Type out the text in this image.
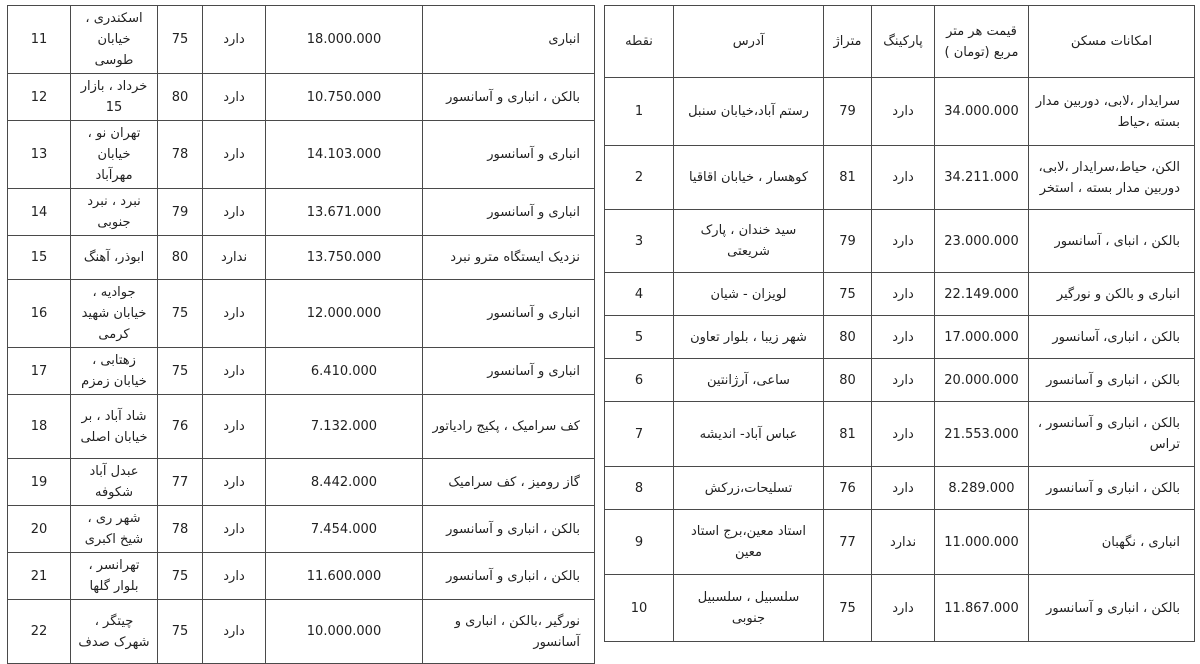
امکانات مسکن	قیمت هر متر مربع (تومان )	پارکینگ	متراژ	آدرس	نقطه
سرایدار ،لابی، دوربین مدار بسته ،حیاط	34.000.000	دارد	79	رستم آباد،خیابان سنبل	1
الکن، حیاط،سرایدار ،لابی، دوربین مدار بسته ، استخر	34.211.000	دارد	81	کوهسار ، خیابان اقاقیا	2
بالکن ، انبای ، آسانسور	23.000.000	دارد	79	سید خندان ، پارک شریعتی	3
انباری و بالکن و نورگیر	22.149.000	دارد	75	لویزان - شیان	4
بالکن ، انباری، آسانسور	17.000.000	دارد	80	شهر زیبا ، بلوار تعاون	5
بالکن ، انباری و آسانسور	20.000.000	دارد	80	ساعی، آرژانتین	6
بالکن ، انباری و آسانسور ، تراس	21.553.000	دارد	81	عباس آباد- اندیشه	7
بالکن ، انباری و آسانسور	8.289.000	دارد	76	تسلیحات،زرکش	8
انباری ، نگهبان	11.000.000	ندارد	77	استاد معین،برج استاد معین	9
بالکن ، انباری و آسانسور	11.867.000	دارد	75	سلسبیل ، سلسبیل جنوبی	10
انباری	18.000.000	دارد	75	اسکندری ، خیابان طوسی	11
بالکن ، انباری و آسانسور	10.750.000	دارد	80	خرداد ، بازار 15	12
انباری و آسانسور	14.103.000	دارد	78	تهران نو ، خیابان مهرآباد	13
انباری و آسانسور	13.671.000	دارد	79	نبرد ، نبرد جنوبی	14
نزدیک ایستگاه مترو نبرد	13.750.000	ندارد	80	ابوذر، آهنگ	15
انباری و آسانسور	12.000.000	دارد	75	جوادیه ، خیابان شهید کرمی	16
انباری و آسانسور	6.410.000	دارد	75	زهتابی ، خیابان زمزم	17
کف سرامیک ، پکیج رادیاتور	7.132.000	دارد	76	شاد آباد ، بر خیابان اصلی	18
گاز رومیز ، کف سرامیک	8.442.000	دارد	77	عبدل آباد شکوفه	19
بالکن ، انباری و آسانسور	7.454.000	دارد	78	شهر ری ، شیخ اکبری	20
بالکن ، انباری و آسانسور	11.600.000	دارد	75	تهرانسر ، بلوار گلها	21
نورگیر ،بالکن ، انباری و آسانسور	10.000.000	دارد	75	چیتگر ، شهرک صدف	22
